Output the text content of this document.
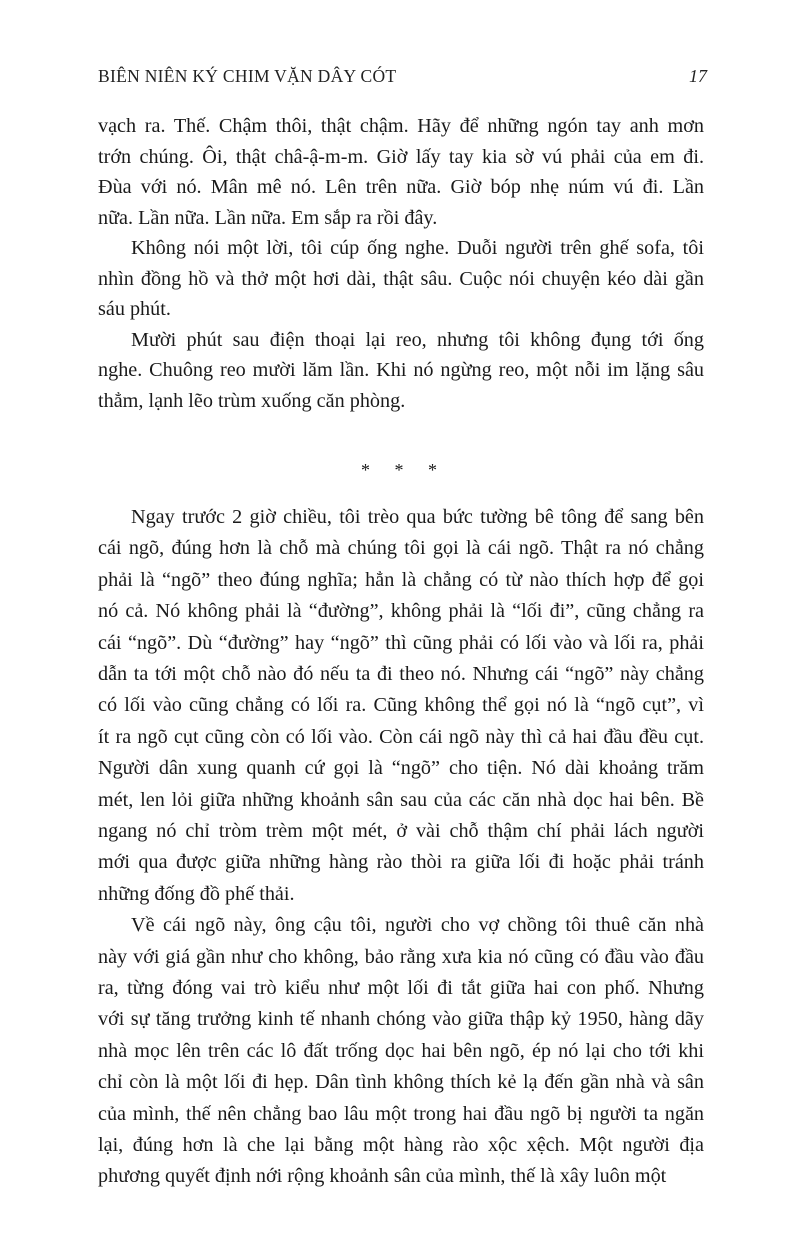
BIÊN NIÊN KÝ CHIM VẶN DÂY CÓT	17
vạch ra. Thế. Chậm thôi, thật chậm. Hãy để những ngón tay anh mơn
trớn chúng. Ôi, thật châ-ậ-m-m. Giờ lấy tay kia sờ vú phải của em đi.
Đùa với nó. Mân mê nó. Lên trên nữa. Giờ bóp nhẹ núm vú đi. Lần
nữa. Lần nữa. Lần nữa. Em sắp ra rồi đây.
Không nói một lời, tôi cúp ống nghe. Duỗi người trên ghế sofa, tôi
nhìn đồng hồ và thở một hơi dài, thật sâu. Cuộc nói chuyện kéo dài gần
sáu phút.
Mười phút sau điện thoại lại reo, nhưng tôi không đụng tới ống
nghe. Chuông reo mười lăm lần. Khi nó ngừng reo, một nỗi im lặng sâu
thẳm, lạnh lẽo trùm xuống căn phòng.
* * *
Ngay trước 2 giờ chiều, tôi trèo qua bức tường bê tông để sang bên
cái ngõ, đúng hơn là chỗ mà chúng tôi gọi là cái ngõ. Thật ra nó chẳng
phải là “ngõ” theo đúng nghĩa; hẳn là chẳng có từ nào thích hợp để gọi
nó cả. Nó không phải là “đường”, không phải là “lối đi”, cũng chẳng ra
cái “ngõ”. Dù “đường” hay “ngõ” thì cũng phải có lối vào và lối ra, phải
dẫn ta tới một chỗ nào đó nếu ta đi theo nó. Nhưng cái “ngõ” này chẳng
có lối vào cũng chẳng có lối ra. Cũng không thể gọi nó là “ngõ cụt”, vì
ít ra ngõ cụt cũng còn có lối vào. Còn cái ngõ này thì cả hai đầu đều cụt.
Người dân xung quanh cứ gọi là “ngõ” cho tiện. Nó dài khoảng trăm
mét, len lỏi giữa những khoảnh sân sau của các căn nhà dọc hai bên. Bề
ngang nó chỉ tròm trèm một mét, ở vài chỗ thậm chí phải lách người
mới qua được giữa những hàng rào thòi ra giữa lối đi hoặc phải tránh
những đống đồ phế thải.
Về cái ngõ này, ông cậu tôi, người cho vợ chồng tôi thuê căn nhà
này với giá gần như cho không, bảo rằng xưa kia nó cũng có đầu vào đầu
ra, từng đóng vai trò kiểu như một lối đi tắt giữa hai con phố. Nhưng
với sự tăng trưởng kinh tế nhanh chóng vào giữa thập kỷ 1950, hàng dãy
nhà mọc lên trên các lô đất trống dọc hai bên ngõ, ép nó lại cho tới khi
chỉ còn là một lối đi hẹp. Dân tình không thích kẻ lạ đến gần nhà và sân
của mình, thế nên chẳng bao lâu một trong hai đầu ngõ bị người ta ngăn
lại, đúng hơn là che lại bằng một hàng rào xộc xệch. Một người địa
phương quyết định nới rộng khoảnh sân của mình, thế là xây luôn một
